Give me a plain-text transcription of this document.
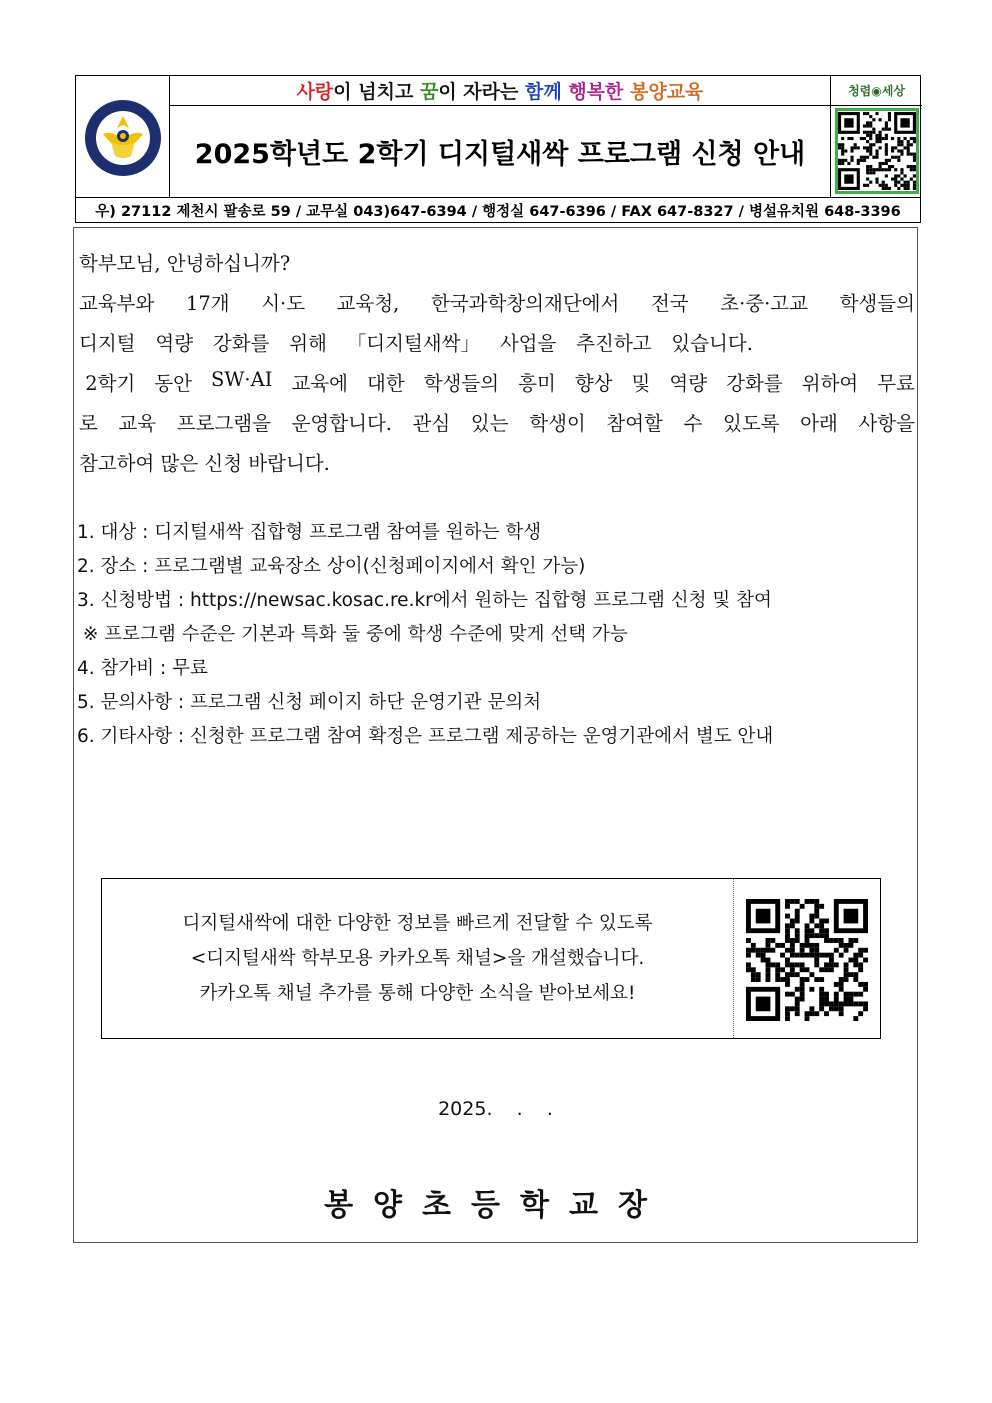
사랑 이 넘치고 꿈 이 자라는 함께
행복한
봉양교육
2025학년도 2학기 디지털새싹 프로그램 신청 안내
청렴◉세상
우) 27112 제천시 팔송로 59 / 교무실 043)647-6394 / 행정실 647-6396 / FAX 647-8327 / 병설유치원 648-3396
학부모님, 안녕하십니까?
교육부와 17개 시·도 교육청, 한국과학창의재단에서 전국 초·중·고교 학생들의
디지털 역량 강화를 위해 「디지털새싹」 사업을 추진하고 있습니다.
2학기 동안 SW·AI 교육에 대한 학생들의 흥미 향상 및 역량 강화를 위하여 무료
로 교육 프로그램을 운영합니다. 관심 있는 학생이 참여할 수 있도록 아래 사항을
참고하여 많은 신청 바랍니다.
1. 대상 : 디지털새싹 집합형 프로그램 참여를 원하는 학생
2. 장소 : 프로그램별 교육장소 상이(신청페이지에서 확인 가능)
3. 신청방법 : https://newsac.kosac.re.kr에서 원하는 집합형 프로그램 신청 및 참여
※ 프로그램 수준은 기본과 특화 둘 중에 학생 수준에 맞게 선택 가능
4. 참가비 : 무료
5. 문의사항 : 프로그램 신청 페이지 하단 운영기관 문의처
6. 기타사항 : 신청한 프로그램 참여 확정은 프로그램 제공하는 운영기관에서 별도 안내
디지털새싹에 대한 다양한 정보를 빠르게 전달할 수 있도록
<디지털새싹 학부모용 카카오톡 채널>을 개설했습니다.
카카오톡 채널 추가를 통해 다양한 소식을 받아보세요!
2025.    .    .
봉양초등학교장
